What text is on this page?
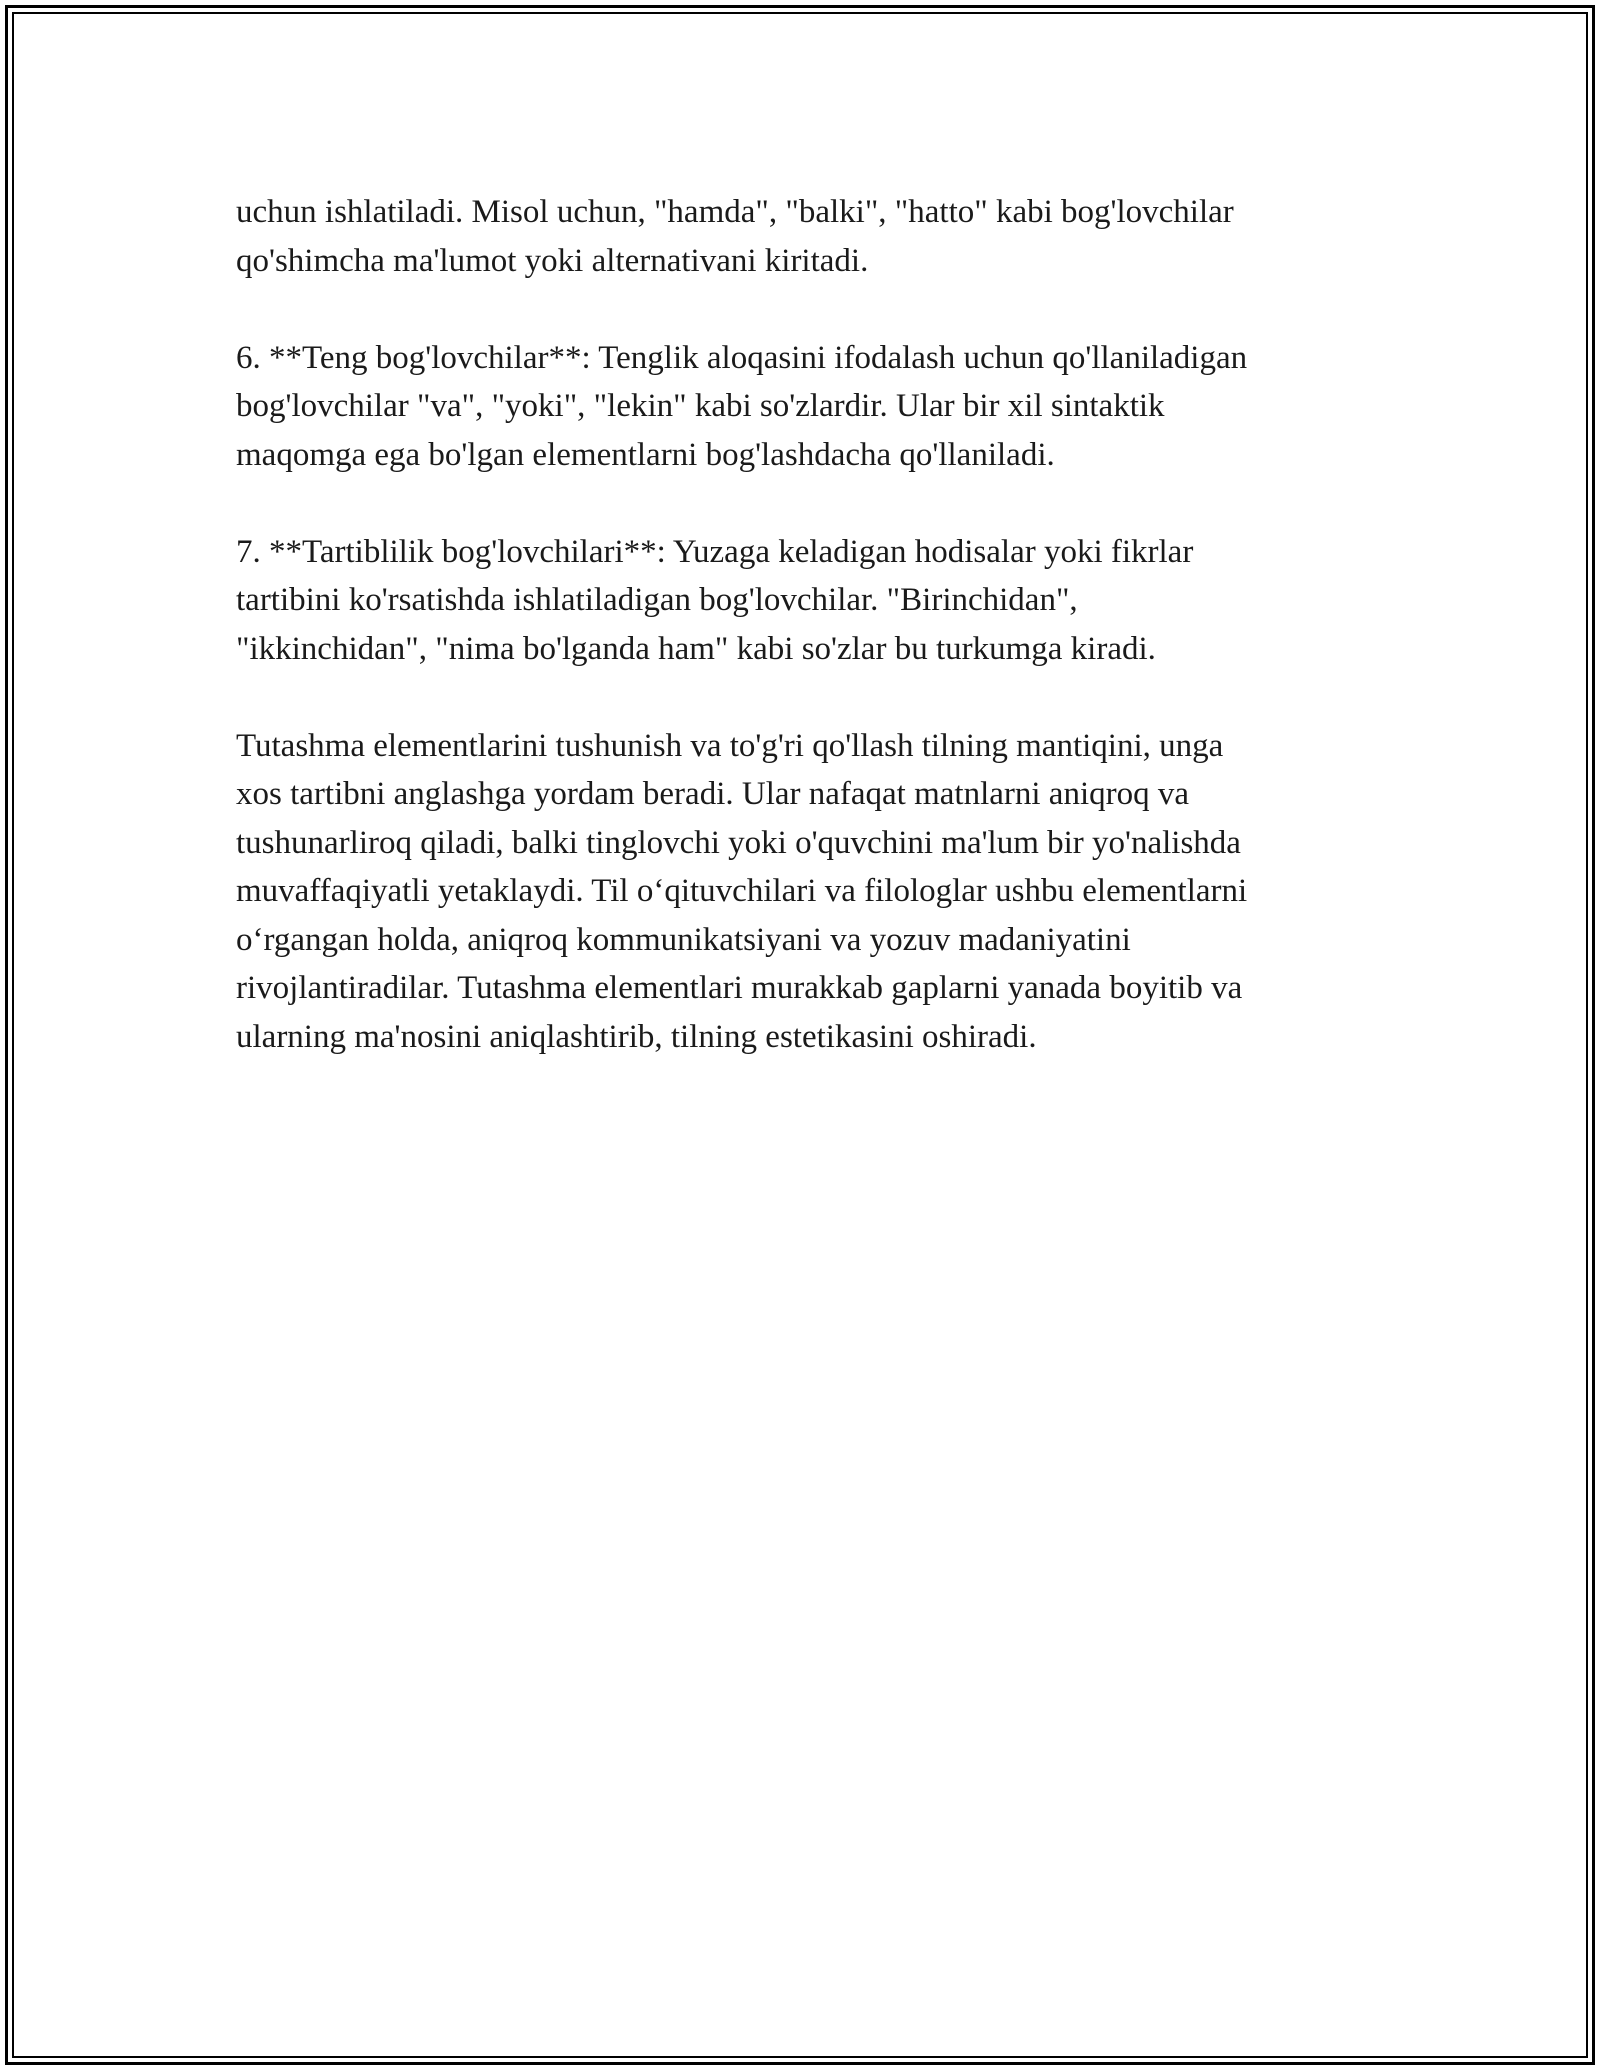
uchun ishlatiladi. Misol uchun, "hamda", "balki", "hatto" kabi bog'lovchilar
qo'shimcha ma'lumot yoki alternativani kiritadi.

6. **Teng bog'lovchilar**: Tenglik aloqasini ifodalash uchun qo'llaniladigan
bog'lovchilar "va", "yoki", "lekin" kabi so'zlardir. Ular bir xil sintaktik
maqomga ega bo'lgan elementlarni bog'lashdacha qo'llaniladi.

7. **Tartiblilik bog'lovchilari**: Yuzaga keladigan hodisalar yoki fikrlar
tartibini ko'rsatishda ishlatiladigan bog'lovchilar. "Birinchidan",
"ikkinchidan", "nima bo'lganda ham" kabi so'zlar bu turkumga kiradi.

Tutashma elementlarini tushunish va to'g'ri qo'llash tilning mantiqini, unga
xos tartibni anglashga yordam beradi. Ular nafaqat matnlarni aniqroq va
tushunarliroq qiladi, balki tinglovchi yoki o'quvchini ma'lum bir yo'nalishda
muvaffaqiyatli yetaklaydi. Til o‘qituvchilari va filologlar ushbu elementlarni
o‘rgangan holda, aniqroq kommunikatsiyani va yozuv madaniyatini
rivojlantiradilar. Tutashma elementlari murakkab gaplarni yanada boyitib va
ularning ma'nosini aniqlashtirib, tilning estetikasini oshiradi.
